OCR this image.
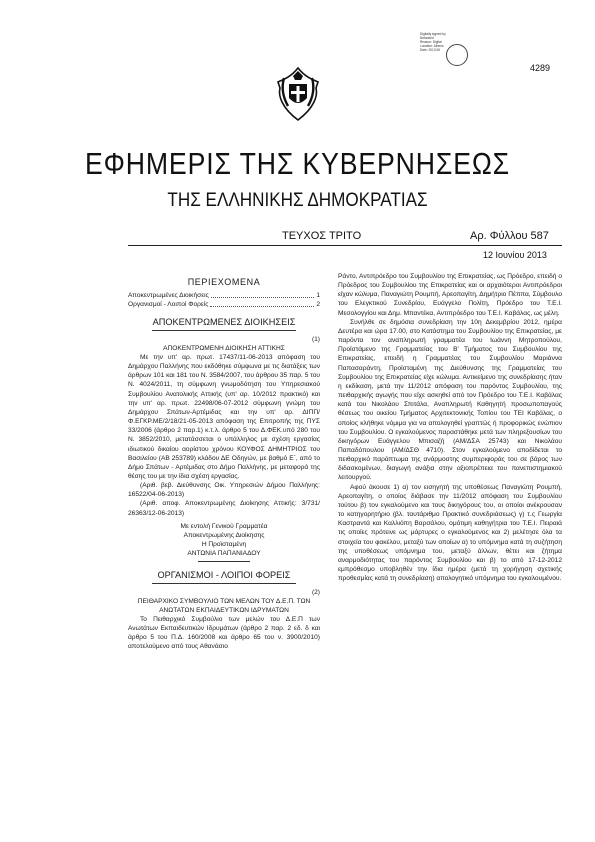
Digitally signed by
Notarized
Reason: Digital
Location: Athens
Date: 2013.06
4289
ΕΦΗΜΕΡΙΣ ΤΗΣ ΚΥΒΕΡΝΗΣΕΩΣ
ΤΗΣ ΕΛΛΗΝΙΚΗΣ ΔΗΜΟΚΡΑΤΙΑΣ
ΤΕΥΧΟΣ ΤΡΙΤΟ	Αρ. Φύλλου 587
12 Ιουνίου 2013

ΠΕΡΙΕΧΟΜΕΝΑ

Αποκεντρωμένες Διοικήσεις	1
Οργανισμοί - Λοιποί Φορείς	2

ΑΠΟΚΕΝΤΡΩΜΕΝΕΣ ΔΙΟΙΚΗΣΕΙΣ

(1)

ΑΠΟΚΕΝΤΡΩΜΕΝΗ ΔΙΟΙΚΗΣΗ ΑΤΤΙΚΗΣ

Με την υπ' αρ. πρωτ. 17437/11-06-2013 απόφαση του Δημάρχου Παλλήνης που εκδόθηκε σύμφωνα με τις διατάξεις των άρθρων 101 και 181 του Ν. 3584/2007, του άρθρου 35 παρ. 5 του Ν. 4024/2011, τη σύμφωνη γνωμοδότηση του Υπηρεσιακού Συμβουλίου Ανατολικής Αττικής (υπ' αρ. 10/2012 πρακτικό) και την υπ' αρ. πρωτ. 22498/06-07-2012 σύμφωνη γνώμη του Δημάρχου Σπάτων-Αρτέμιδας και την υπ' αρ. ΔΙΠΠ/Φ.ΕΓΚΡ.ΜΕ/2/18/21-05-2013 απόφαση της Επιτροπής της ΠΥΣ 33/2006 (άρθρο 2 παρ.1) κ.τ.λ. άρθρο 5 του Δ.ΦΕΚ.υπό 280 του Ν. 3852/2010, μετατάσσεται ο υπάλληλος με σχέση εργασίας ιδιωτικού δικαίου αορίστου χρόνου ΚΟΥΦΟΣ ΔΗΜΗΤΡΙΟΣ του Βασιλείου (ΑΒ 253789) κλάδου ΔΕ Οδηγών, με βαθμό Ε΄, από το Δήμο Σπάτων - Αρτέμιδας στο Δήμο Παλλήνης, με μεταφορά της θέσης του με την ίδια σχέση εργασίας.

(Αριθ. βεβ. Διεύθυνσης Οικ. Υπηρεσιών Δήμου Παλλήνης: 16522/04-06-2013)

(Αριθ. αποφ. Αποκεντρωμένης Διοίκησης Αττικής: 3/731/ 26363/12-06-2013)

Με εντολή Γενικού Γραμματέα

Αποκεντρωμένης Διοίκησης

Η Προϊσταμένη

ΑΝΤΩΝΙΑ ΠΑΠΑΝΙΑΔΟΥ

ΟΡΓΑΝΙΣΜΟΙ - ΛΟΙΠΟΙ ΦΟΡΕΙΣ

(2)

ΠΕΙΘΑΡΧΙΚΟ ΣΥΜΒΟΥΛΙΟ ΤΩΝ ΜΕΛΩΝ ΤΟΥ Δ.Ε.Π. ΤΩΝ ΑΝΩΤΑΤΩΝ ΕΚΠΑΙΔΕΥΤΙΚΩΝ ΙΔΡΥΜΑΤΩΝ

Το Πειθαρχικό Συμβούλιο των μελών του Δ.Ε.Π των Ανωτάτων Εκπαιδευτικών Ιδρυμάτων (άρθρο 2 παρ. 2 εδ. δ και άρθρο 5 του Π.Δ. 160/2008 και άρθρο 65 του ν. 3900/2010) αποτελούμενο από τους Αθανάσιο

Ράντο, Αντιπρόεδρο του Συμβουλίου της Επικρατείας, ως Πρόεδρο, επειδή ο Πρόεδρος του Συμβουλίου της Επικρατείας και οι αρχαιότεροι Αντιπρόεδροι είχαν κώλυμα, Παναγιώτη Ρουμπή, Αρεοπαγίτη, Δημήτριο Πέππα, Σύμβουλο του Ελεγκτικού Συνεδρίου, Ευάγγελο Πολίτη, Πρόεδρο του Τ.Ε.Ι. Μεσολογγίου και Δημ. Μπαντέκα, Αντιπρόεδρο του Τ.Ε.Ι. Καβάλας, ως μέλη.

Συνήλθε σε δημόσια συνεδρίαση την 10η Δεκεμβρίου 2012, ημέρα Δευτέρα και ώρα 17.00, στο Κατάστημα του Συμβουλίου της Επικρατείας, με παρόντα τον αναπληρωτή γραμματέα του Ιωάννη Μητροπούλου, Προϊστάμενο της Γραμματείας του Β' Τμήματος του Συμβουλίου της Επικρατείας, επειδή η Γραμματέας του Συμβουλίου Μαριάννα Παπασαράντη, Προϊσταμένη της Διεύθυνσης της Γραμματείας του Συμβουλίου της Επικρατείας είχε κώλυμα. Αντικείμενο της συνεδρίασης ήταν η εκδίκαση, μετά την 11/2012 απόφαση του παρόντος Συμβουλίου, της πειθαρχικής αγωγής που είχε ασκηθεί από τον Πρόεδρο του Τ.Ε.Ι. Καβάλας κατά του Νικολάου Σπιτάλα, Αναπληρωτή Καθηγητή προσωποπαγούς θέσεως του οικείου Τμήματος Αρχιτεκτονικής Τοπίου του ΤΕΙ Καβάλας, ο οποίος κλήθηκε νόμιμα για να απολογηθεί γραπτώς ή προφορικώς ενώπιον του Συμβουλίου. Ο εγκαλούμενος παραστάθηκε μετά των πληρεξουσίων του δικηγόρων Ευάγγελου Μπισαζή (ΑΜ/ΔΣΑ 25743) και Νικολάου Παπαδόπουλου (ΑΜ/ΔΣΘ 4710). Στον εγκαλούμενο αποδίδεται το πειθαρχικό παράπτωμα της ανάρμοστης συμπεριφοράς του σε βάρος των διδασκομένων, διαγωγή ανάξια στην αξιοπρέπεια του πανεπιστημιακού λειτουργού.

Αφού άκουσε 1) α) τον εισηγητή της υποθέσεως Παναγιώτη Ρουμπή, Αρεοπαγίτη, ο οποίος διάβασε την 11/2012 απόφαση του Συμβουλίου τούτου β) τον εγκαλούμενο και τους δικηγόρους του, οι οποίοι ανέκρουσαν το κατηγορητήριο (βλ. ταυτάριθμο Πρακτικό συνεδριάσεως) γ) τ.ς Γεωργία Καστραντά και Καλλιόπη Βαρσάλου, ομότιμη καθηγήτρια του Τ.Ε.Ι. Πειραιά τις οποίες πρότεινε ως μάρτυρες ο εγκαλούμενος και 2) μελέτησε όλα τα στοιχεία του φακέλου, μεταξύ των οποίων α) το υπόμνημα κατά τη συζήτηση της υποθέσεως υπόμνημα του, μεταξύ άλλων, θέτει και ζήτημα αναρμοδιότητας του παρόντος Συμβουλίου και β) το από 17-12-2012 εμπρόθεσμο υποβληθέν την ίδια ημέρα (μετά τη χορήγηση σχετικής προθεσμίας κατά τη συνεδρίαση) απολογητικό υπόμνημα του εγκαλουμένου.
